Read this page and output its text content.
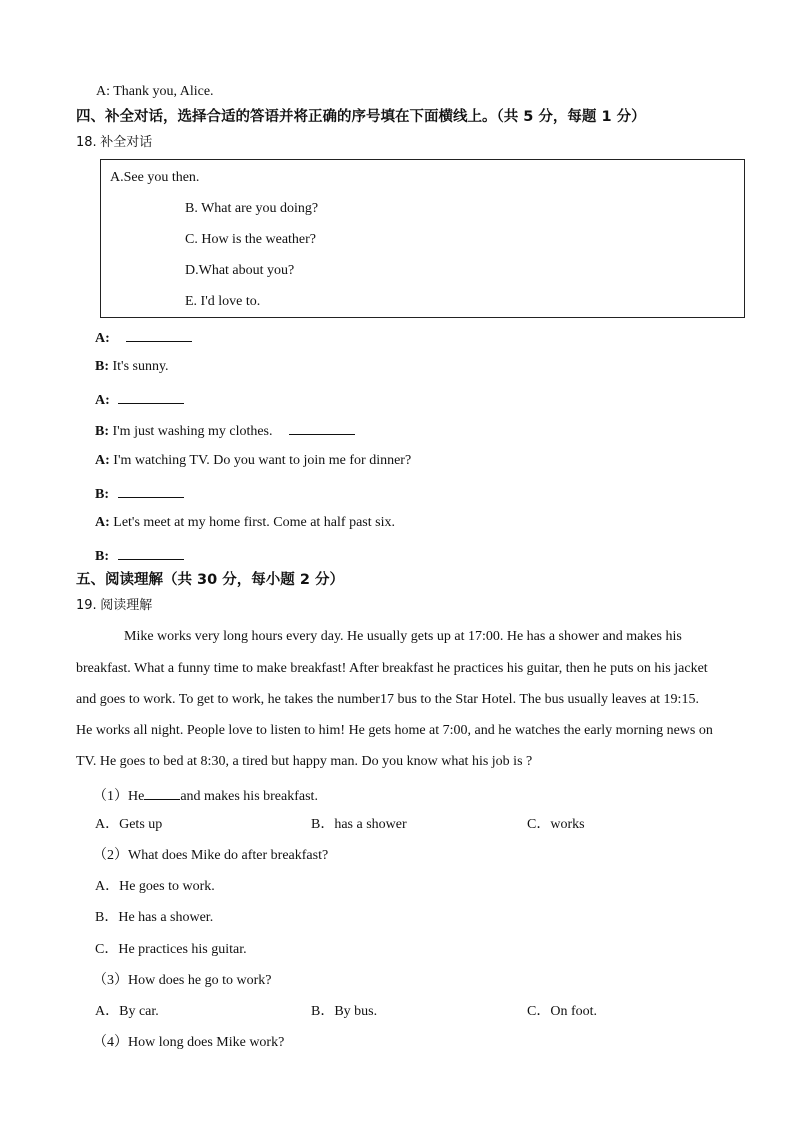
A: Thank you, Alice.
四、补全对话，选择合适的答语并将正确的序号填在下面横线上。（共 5 分，每题 1 分）
18. 补全对话
A.See you then.
B. What are you doing?
C. How is the weather?
D.What about you?
E. I'd love to.
A:
B: It's sunny.
A:
B: I'm just washing my clothes.
A: I'm watching TV. Do you want to join me for dinner?
B:
A: Let's meet at my home first. Come at half past six.
B:
五、阅读理解（共 30 分，每小题 2 分）
19. 阅读理解
Mike works very long hours every day. He usually gets up at 17:00. He has a shower and makes his
breakfast. What a funny time to make breakfast! After breakfast he practices his guitar, then he puts on his jacket
and goes to work. To get to work, he takes the number17 bus to the Star Hotel. The bus usually leaves at 19:15.
He works all night. People love to listen to him! He gets home at 7:00, and he watches the early morning news on
TV. He goes to bed at 8:30, a tired but happy man. Do you know what his job is ?
（1）He	and makes his breakfast.
A．Gets up	B．has a shower	C．works
（2）What does Mike do after breakfast?
A．He goes to work.
B．He has a shower.
C．He practices his guitar.
（3）How does he go to work?
A．By car.	B．By bus.	C．On foot.
（4）How long does Mike work?
